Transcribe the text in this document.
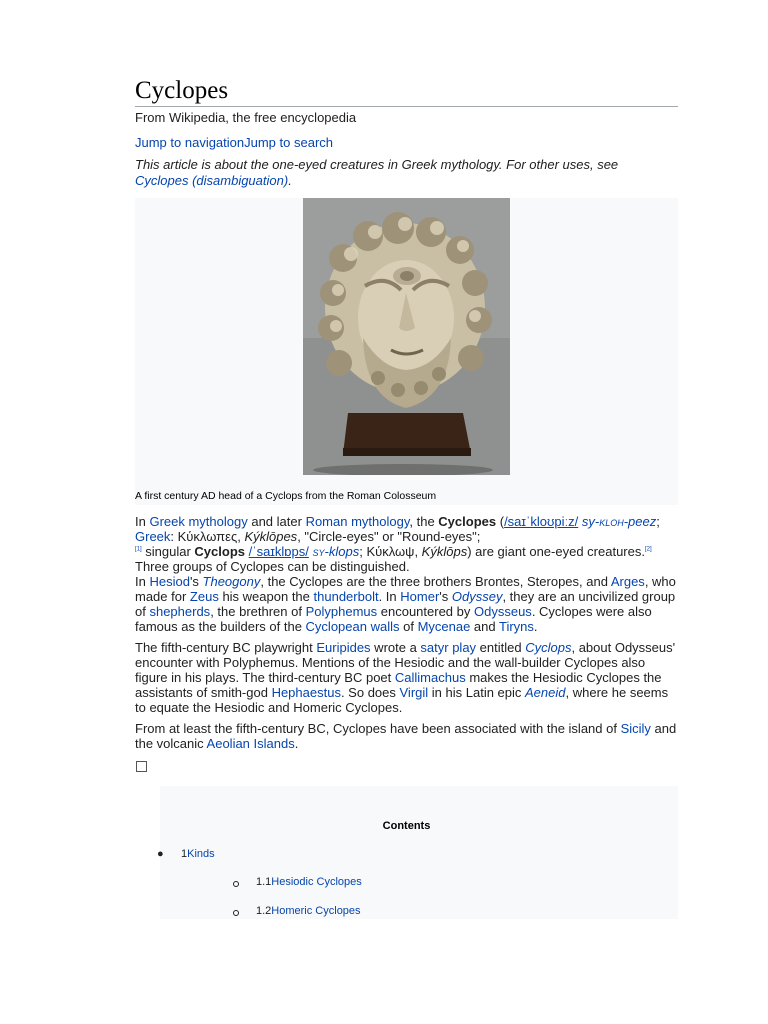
Cyclopes
From Wikipedia, the free encyclopedia
Jump to navigationJump to search
This article is about the one-eyed creatures in Greek mythology. For other uses, see Cyclopes (disambiguation).
A first century AD head of a Cyclops from the Roman Colosseum

In Greek mythology and later Roman mythology, the Cyclopes (/saɪˈkloʊpiːz/ sy-kloh-peez; Greek: Κύκλωπες, Kýklōpes, "Circle-eyes" or "Round-eyes";
[1] singular Cyclops /ˈsaɪklɒps/ sy-klops; Κύκλωψ, Kýklōps) are giant one-eyed creatures.[2] Three groups of Cyclopes can be distinguished.

In Hesiod's Theogony, the Cyclopes are the three brothers Brontes, Steropes, and Arges, who made for Zeus his weapon the thunderbolt. In Homer's Odyssey, they are an uncivilized group of shepherds, the brethren of Polyphemus encountered by Odysseus. Cyclopes were also famous as the builders of the Cyclopean walls of Mycenae and Tiryns.

The fifth-century BC playwright Euripides wrote a satyr play entitled Cyclops, about Odysseus' encounter with Polyphemus. Mentions of the Hesiodic and the wall-builder Cyclopes also figure in his plays. The third-century BC poet Callimachus makes the Hesiodic Cyclopes the assistants of smith-god Hephaestus. So does Virgil in his Latin epic Aeneid, where he seems to equate the Hesiodic and Homeric Cyclopes.

From at least the fifth-century BC, Cyclopes have been associated with the island of Sicily and the volcanic Aeolian Islands.

Contents
● 1Kinds
1.1Hesiodic Cyclopes
1.2Homeric Cyclopes
